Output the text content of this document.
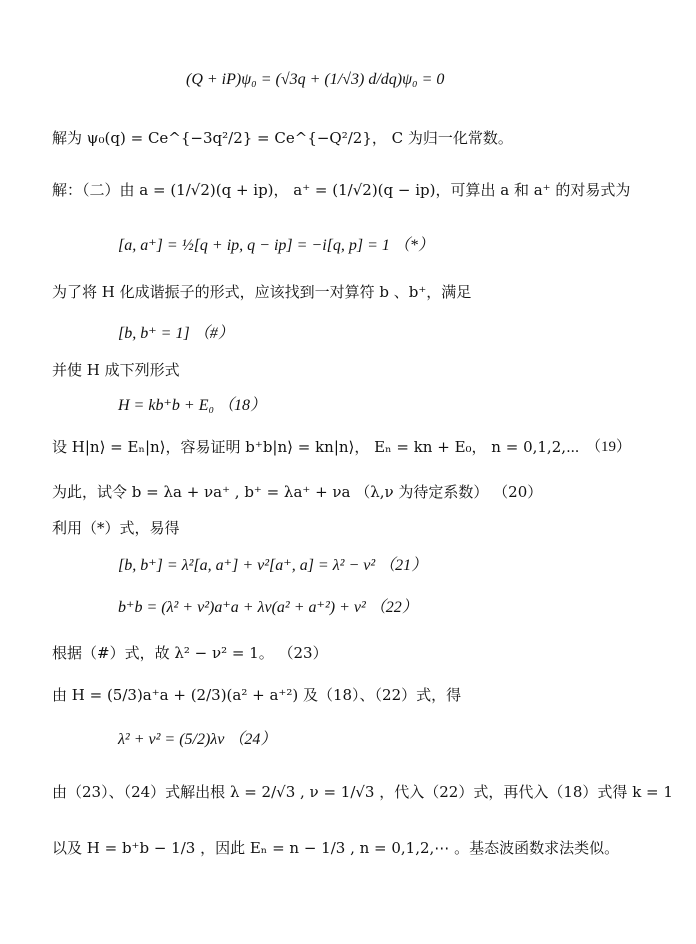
(Q + iP)ψ₀ = (√3q + (1/√3) d/dq)ψ₀ = 0
解为 ψ₀(q) = Ce^{−3q²/2} = Ce^{−Q²/2}， C 为归一化常数。
解：（二）由 a = (1/√2)(q + ip)， a⁺ = (1/√2)(q − ip)，可算出 a 和 a⁺ 的对易式为
[a, a⁺] = ½[q + ip, q − ip] = −i[q, p] = 1 （*）
为了将 H 化成谐振子的形式，应该找到一对算符 b 、b⁺，满足
[b, b⁺ = 1] （#）
并使 H 成下列形式
H = kb⁺b + E₀ （18）
设 H|n⟩ = Eₙ|n⟩，容易证明 b⁺b|n⟩ = kn|n⟩， Eₙ = kn + E₀， n = 0,1,2,⋯ （19）
为此，试令 b = λa + νa⁺ , b⁺ = λa⁺ + νa （λ,ν 为待定系数） （20）
利用（*）式，易得
[b, b⁺] = λ²[a, a⁺] + ν²[a⁺, a] = λ² − ν² （21）
b⁺b = (λ² + ν²)a⁺a + λν(a² + a⁺²) + ν² （22）
根据（#）式，故 λ² − ν² = 1。 （23）
由 H = (5/3)a⁺a + (2/3)(a² + a⁺²) 及（18）、（22）式，得
λ² + ν² = (5/2)λν （24）
由（23）、（24）式解出根 λ = 2/√3 , ν = 1/√3 ，代入（22）式，再代入（18）式得 k = 1
以及 H = b⁺b − 1/3 ，因此 Eₙ = n − 1/3 , n = 0,1,2,⋯ 。基态波函数求法类似。
